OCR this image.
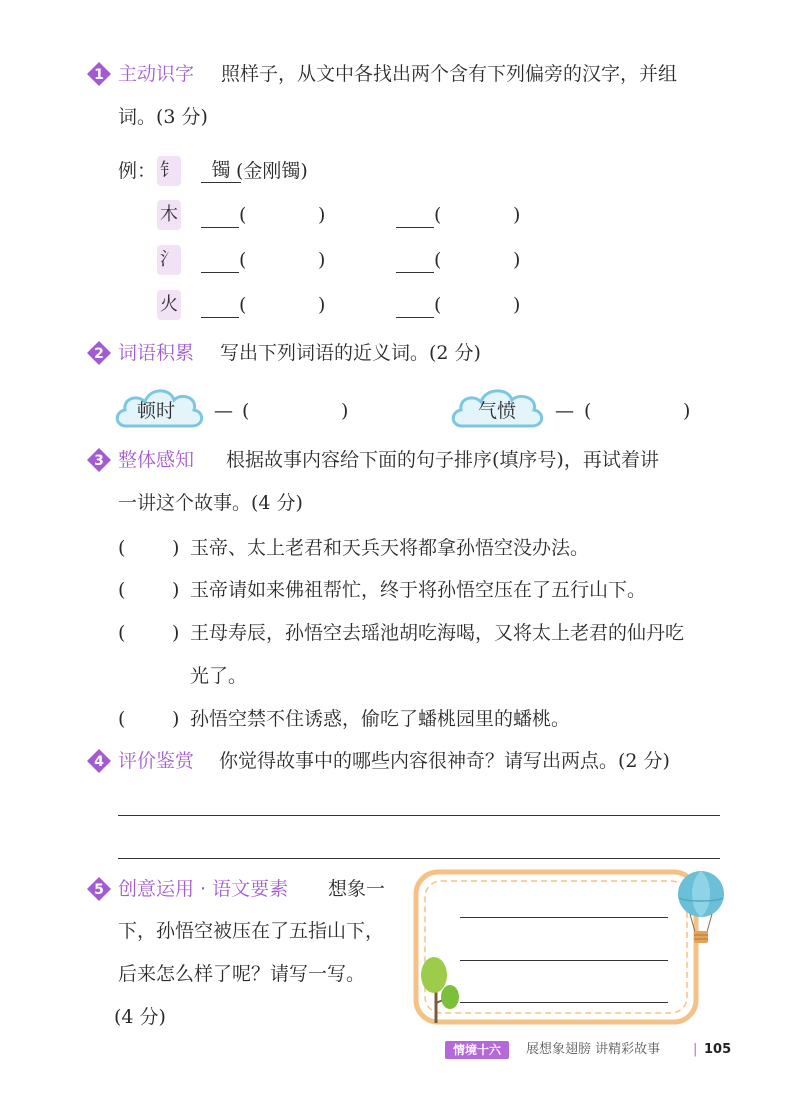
1 主动识字 照样子，从文中各找出两个含有下列偏旁的汉字，并组
词。(3 分)
例： 钅	镯 (金刚镯)
木	(	)	(	)
氵	(	)	(	)
火	(	)	(	)
2 词语积累 写出下列词语的近义词。(2 分)
顿时	— (	)	气愤	— (	)
3 整体感知 根据故事内容给下面的句子排序(填序号)，再试着讲
一讲这个故事。(4 分)
( ) 玉帝、太上老君和天兵天将都拿孙悟空没办法。
( ) 玉帝请如来佛祖帮忙，终于将孙悟空压在了五行山下。
( ) 王母寿辰，孙悟空去瑶池胡吃海喝，又将太上老君的仙丹吃
光了。
( ) 孙悟空禁不住诱惑，偷吃了蟠桃园里的蟠桃。
4 评价鉴赏 你觉得故事中的哪些内容很神奇？请写出两点。(2 分)
5 创意运用 · 语文要素 想象一
下，孙悟空被压在了五指山下，
后来怎么样了呢？请写一写。
(4 分)
情境十六	展想象翅膀 讲精彩故事	| 105
